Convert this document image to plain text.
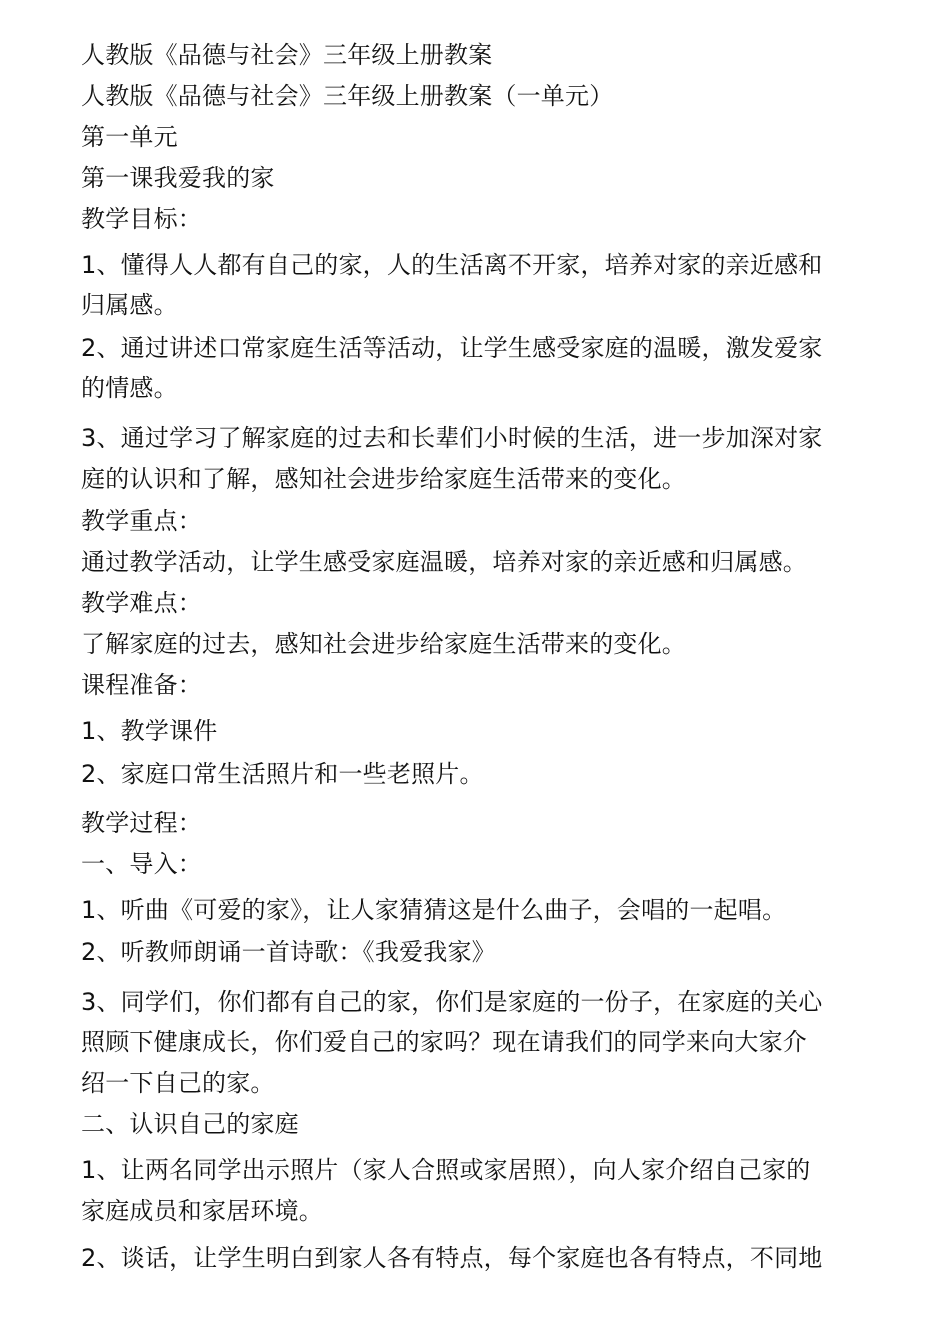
人教版《品德与社会》三年级上册教案
人教版《品德与社会》三年级上册教案（一单元）
第一单元
第一课我爱我的家
教学目标：
1、懂得人人都有自己的家，人的生活离不开家，培养对家的亲近感和
归属感。
2、通过讲述口常家庭生活等活动，让学生感受家庭的温暖，激发爱家
的情感。
3、通过学习了解家庭的过去和长辈们小时候的生活，进一步加深对家
庭的认识和了解，感知社会进步给家庭生活带来的变化。
教学重点：
通过教学活动，让学生感受家庭温暖，培养对家的亲近感和归属感。
教学难点：
了解家庭的过去，感知社会进步给家庭生活带来的变化。
课程准备：
1、教学课件
2、家庭口常生活照片和一些老照片。
教学过程：
一、导入：
1、听曲《可爱的家》，让人家猜猜这是什么曲子，会唱的一起唱。
2、听教师朗诵一首诗歌：《我爱我家》
3、同学们，你们都有自己的家，你们是家庭的一份子，在家庭的关心
照顾下健康成长，你们爱自己的家吗？现在请我们的同学来向大家介
绍一下自己的家。
二、认识自己的家庭
1、让两名同学出示照片（家人合照或家居照），向人家介绍自己家的
家庭成员和家居环境。
2、谈话，让学生明白到家人各有特点，每个家庭也各有特点，不同地
